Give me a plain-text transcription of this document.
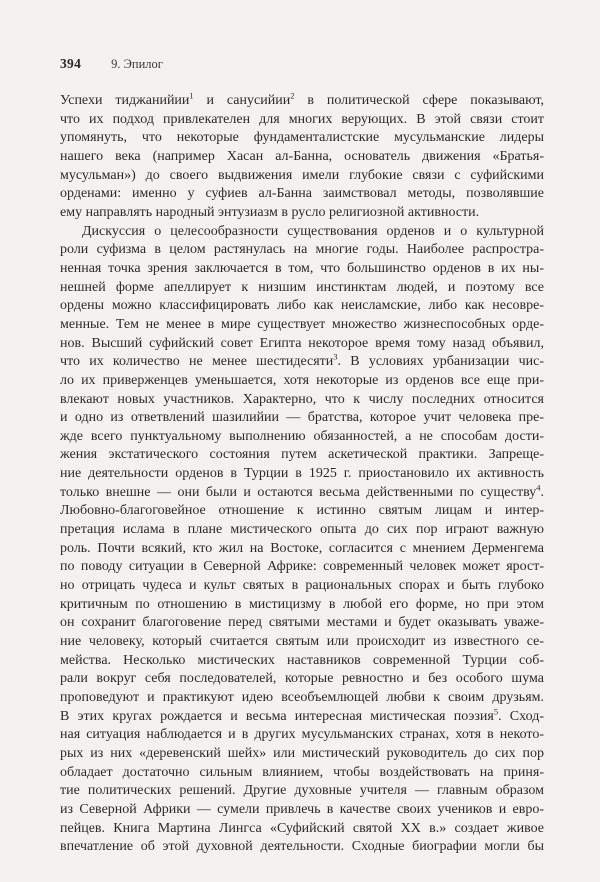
394 9. Эпилог

Успехи тиджанийии$^1$ и санусийии$^2$ в политической сфере показывают,
что их подход привлекателен для многих верующих. В этой связи стоит
упомянуть, что некоторые фундаменталистские мусульманские лидеры
нашего века (например Хасан ал-Банна, основатель движения «Братья-
мусульман») до своего выдвижения имели глубокие связи с суфийскими
орденами: именно у суфиев ал-Банна заимствовал методы, позволявшие
ему направлять народный энтузиазм в русло религиозной активности.

Дискуссия о целесообразности существования орденов и о культурной
роли суфизма в целом растянулась на многие годы. Наиболее распростра-
ненная точка зрения заключается в том, что большинство орденов в их ны-
нешней форме апеллирует к низшим инстинктам людей, и поэтому все
ордены можно классифицировать либо как неисламские, либо как несовре-
менные. Тем не менее в мире существует множество жизнеспособных орде-
нов. Высший суфийский совет Египта некоторое время тому назад объявил,
что их количество не менее шестидесяти$^3$. В условиях урбанизации чис-
ло их приверженцев уменьшается, хотя некоторые из орденов все еще при-
влекают новых участников. Характерно, что к числу последних относится
и одно из ответвлений шазилийии — братства, которое учит человека пре-
жде всего пунктуальному выполнению обязанностей, а не способам дости-
жения экстатического состояния путем аскетической практики. Запреще-
ние деятельности орденов в Турции в 1925 г. приостановило их активность
только внешне — они были и остаются весьма действенными по существу$^4$.
Любовно-благоговейное отношение к истинно святым лицам и интер-
претация ислама в плане мистического опыта до сих пор играют важную
роль. Почти всякий, кто жил на Востоке, согласится с мнением Дерменгема
по поводу ситуации в Северной Африке: современный человек может ярост-
но отрицать чудеса и культ святых в рациональных спорах и быть глубоко
критичным по отношению в мистицизму в любой его форме, но при этом
он сохранит благоговение перед святыми местами и будет оказывать уваже-
ние человеку, который считается святым или происходит из известного се-
мейства. Несколько мистических наставников современной Турции соб-
рали вокруг себя последователей, которые ревностно и без особого шума
проповедуют и практикуют идею всеобъемлющей любви к своим друзьям.
В этих кругах рождается и весьма интересная мистическая поэзия$^5$. Сход-
ная ситуация наблюдается и в других мусульманских странах, хотя в некото-
рых из них «деревенский шейх» или мистический руководитель до сих пор
обладает достаточно сильным влиянием, чтобы воздействовать на приня-
тие политических решений. Другие духовные учителя — главным образом
из Северной Африки — сумели привлечь в качестве своих учеников и евро-
пейцев. Книга Мартина Лингса «Суфийский святой XX в.» создает живое
впечатление об этой духовной деятельности. Сходные биографии могли бы
